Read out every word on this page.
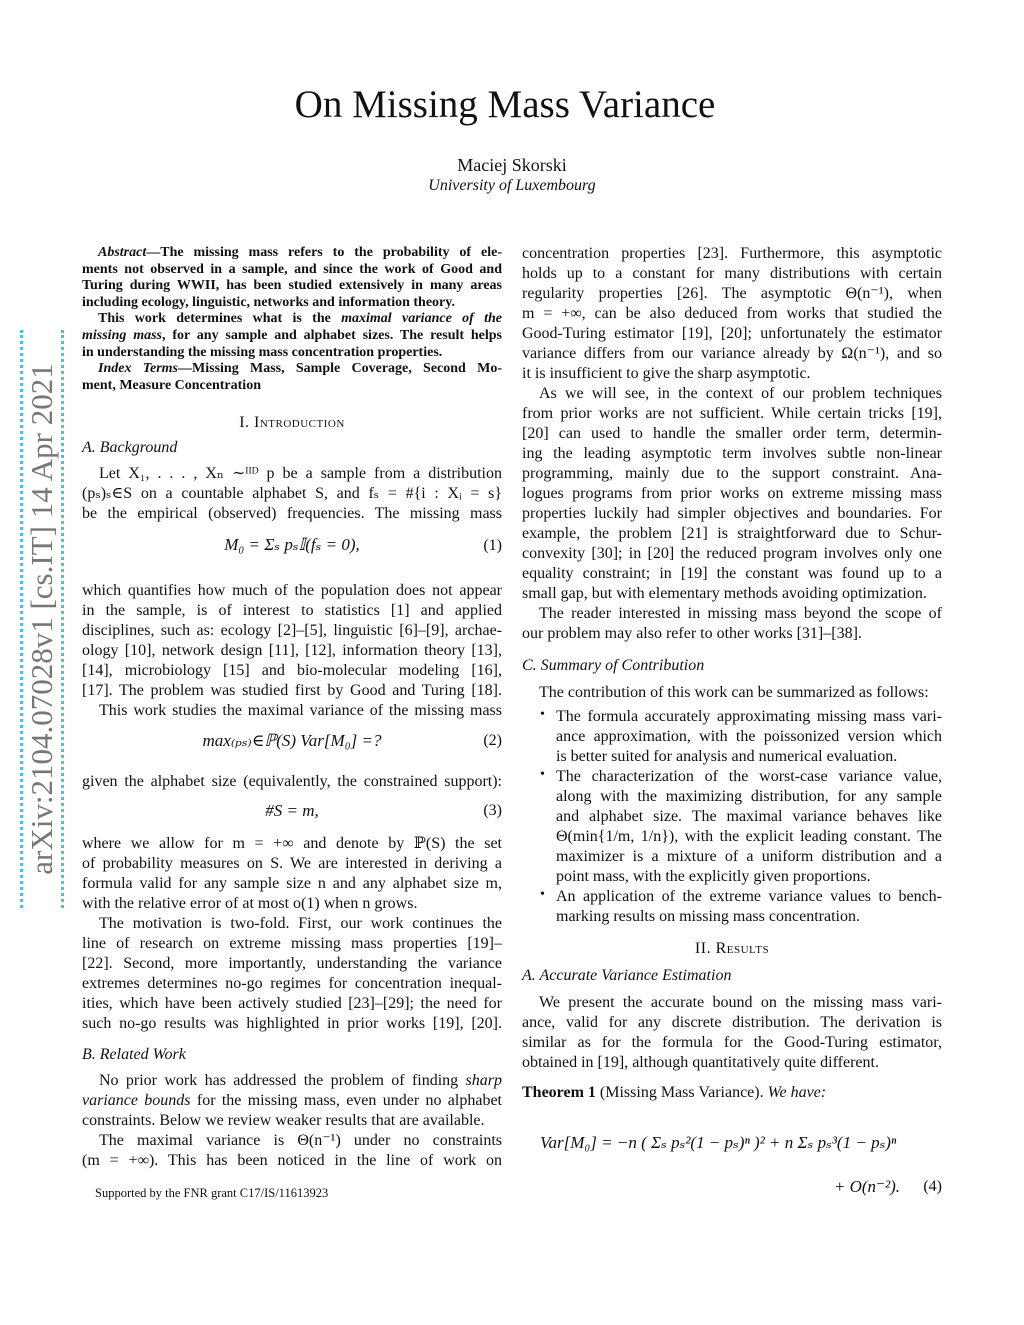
On Missing Mass Variance
Maciej Skorski
University of Luxembourg
arXiv:2104.07028v1 [cs.IT] 14 Apr 2021
Abstract—The missing mass refers to the probability of ele-
ments not observed in a sample, and since the work of Good and
Turing during WWII, has been studied extensively in many areas
including ecology, linguistic, networks and information theory.
This work determines what is the maximal variance of the
missing mass, for any sample and alphabet sizes. The result helps
in understanding the missing mass concentration properties.
Index Terms—Missing Mass, Sample Coverage, Second Mo-
ment, Measure Concentration
I. Introduction
A. Background
Let X₁, . . . , Xₙ ∼ᴵᴵᴰ p be a sample from a distribution
(pₛ)ₛ∈S on a countable alphabet S, and fₛ = #{i : Xᵢ = s}
be the empirical (observed) frequencies. The missing mass
M₀ = Σₛ pₛ𝕀(fₛ = 0),	(1)
which quantifies how much of the population does not appear
in the sample, is of interest to statistics [1] and applied
disciplines, such as: ecology [2]–[5], linguistic [6]–[9], archae-
ology [10], network design [11], [12], information theory [13],
[14], microbiology [15] and bio-molecular modeling [16],
[17]. The problem was studied first by Good and Turing [18].
This work studies the maximal variance of the missing mass
max₍ₚₛ₎∈ℙ(S) Var[M₀] =?	(2)
given the alphabet size (equivalently, the constrained support):
#S = m,	(3)
where we allow for m = +∞ and denote by ℙ(S) the set
of probability measures on S. We are interested in deriving a
formula valid for any sample size n and any alphabet size m,
with the relative error of at most o(1) when n grows.
The motivation is two-fold. First, our work continues the
line of research on extreme missing mass properties [19]–
[22]. Second, more importantly, understanding the variance
extremes determines no-go regimes for concentration inequal-
ities, which have been actively studied [23]–[29]; the need for
such no-go results was highlighted in prior works [19], [20].
B. Related Work
No prior work has addressed the problem of finding sharp
variance bounds for the missing mass, even under no alphabet
constraints. Below we review weaker results that are available.
The maximal variance is Θ(n⁻¹) under no constraints
(m = +∞). This has been noticed in the line of work on
Supported by the FNR grant C17/IS/11613923
concentration properties [23]. Furthermore, this asymptotic
holds up to a constant for many distributions with certain
regularity properties [26]. The asymptotic Θ(n⁻¹), when
m = +∞, can be also deduced from works that studied the
Good-Turing estimator [19], [20]; unfortunately the estimator
variance differs from our variance already by Ω(n⁻¹), and so
it is insufficient to give the sharp asymptotic.
As we will see, in the context of our problem techniques
from prior works are not sufficient. While certain tricks [19],
[20] can used to handle the smaller order term, determin-
ing the leading asymptotic term involves subtle non-linear
programming, mainly due to the support constraint. Ana-
logues programs from prior works on extreme missing mass
properties luckily had simpler objectives and boundaries. For
example, the problem [21] is straightforward due to Schur-
convexity [30]; in [20] the reduced program involves only one
equality constraint; in [19] the constant was found up to a
small gap, but with elementary methods avoiding optimization.
The reader interested in missing mass beyond the scope of
our problem may also refer to other works [31]–[38].
C. Summary of Contribution
The contribution of this work can be summarized as follows:
• The formula accurately approximating missing mass vari-
ance approximation, with the poissonized version which
is better suited for analysis and numerical evaluation.
• The characterization of the worst-case variance value,
along with the maximizing distribution, for any sample
and alphabet size. The maximal variance behaves like
Θ(min{1/m, 1/n}), with the explicit leading constant. The
maximizer is a mixture of a uniform distribution and a
point mass, with the explicitly given proportions.
• An application of the extreme variance values to bench-
marking results on missing mass concentration.
II. Results
A. Accurate Variance Estimation
We present the accurate bound on the missing mass vari-
ance, valid for any discrete distribution. The derivation is
similar as for the formula for the Good-Turing estimator,
obtained in [19], although quantitatively quite different.
Theorem 1 (Missing Mass Variance). We have:
Var[M₀] = −n ( Σₛ pₛ²(1 − pₛ)ⁿ )² + n Σₛ pₛ³(1 − pₛ)ⁿ
+ O(n⁻²).	(4)
